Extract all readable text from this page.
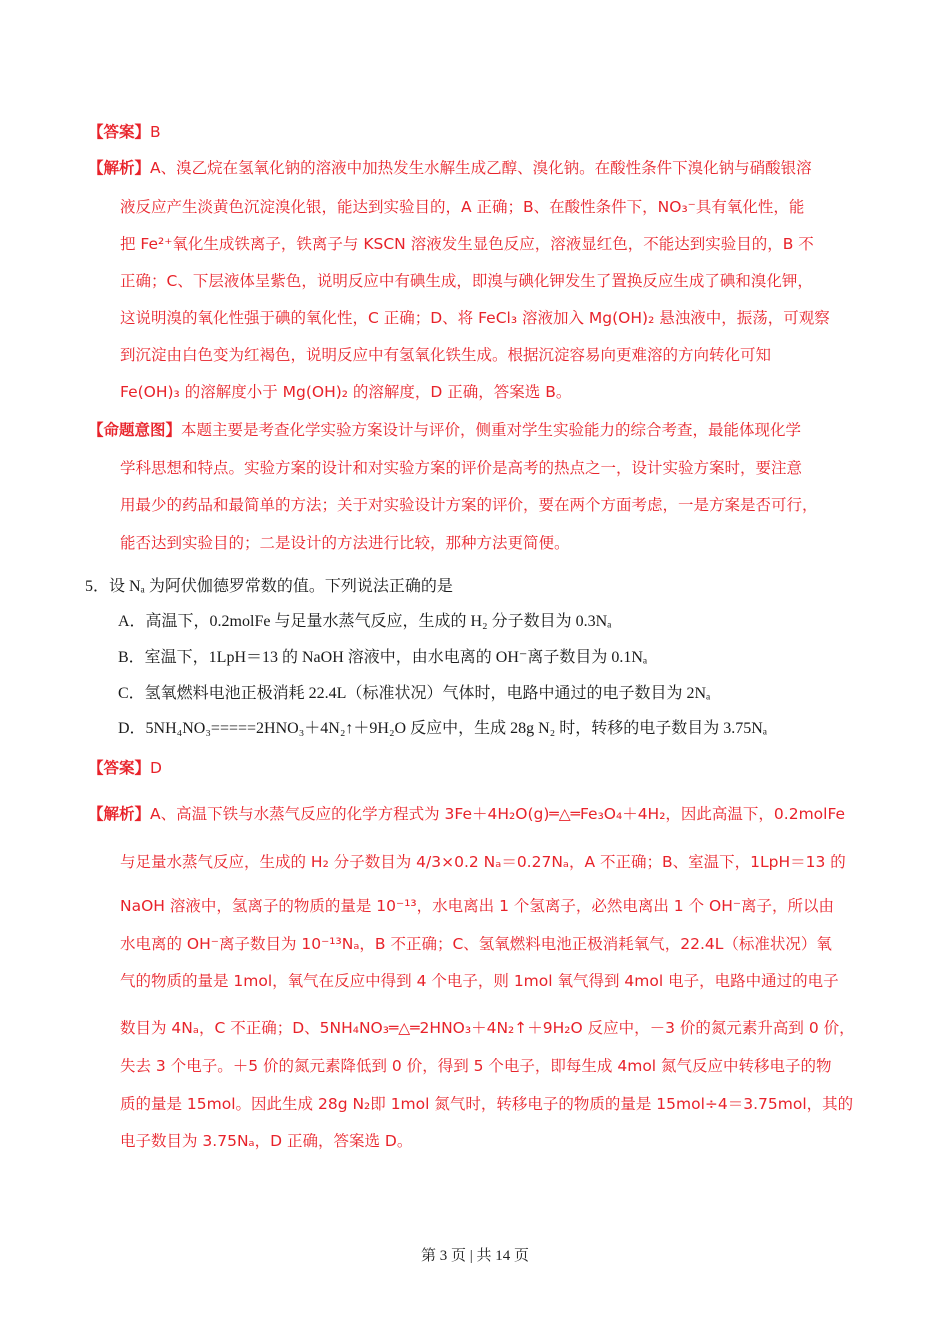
【答案】B
【解析】A、溴乙烷在氢氧化钠的溶液中加热发生水解生成乙醇、溴化钠。在酸性条件下溴化钠与硝酸银溶
液反应产生淡黄色沉淀溴化银，能达到实验目的，A 正确；B、在酸性条件下，NO₃⁻具有氧化性，能
把 Fe²⁺氧化生成铁离子，铁离子与 KSCN 溶液发生显色反应，溶液显红色，不能达到实验目的，B 不
正确；C、下层液体呈紫色，说明反应中有碘生成，即溴与碘化钾发生了置换反应生成了碘和溴化钾，
这说明溴的氧化性强于碘的氧化性，C 正确；D、将 FeCl₃ 溶液加入 Mg(OH)₂ 悬浊液中，振荡，可观察
到沉淀由白色变为红褐色，说明反应中有氢氧化铁生成。根据沉淀容易向更难溶的方向转化可知
Fe(OH)₃ 的溶解度小于 Mg(OH)₂ 的溶解度，D 正确，答案选 B。
【命题意图】本题主要是考查化学实验方案设计与评价，侧重对学生实验能力的综合考查，最能体现化学
学科思想和特点。实验方案的设计和对实验方案的评价是高考的热点之一，设计实验方案时，要注意
用最少的药品和最简单的方法；关于对实验设计方案的评价，要在两个方面考虑，一是方案是否可行，
能否达到实验目的；二是设计的方法进行比较，那种方法更简便。
5．设 Nₐ 为阿伏伽德罗常数的值。下列说法正确的是
A．高温下，0.2molFe 与足量水蒸气反应，生成的 H₂ 分子数目为 0.3Nₐ
B．室温下，1LpH＝13 的 NaOH 溶液中，由水电离的 OH⁻离子数目为 0.1Nₐ
C．氢氧燃料电池正极消耗 22.4L（标准状况）气体时，电路中通过的电子数目为 2Nₐ
D．5NH₄NO₃=====2HNO₃＋4N₂↑＋9H₂O 反应中，生成 28g N₂ 时，转移的电子数目为 3.75Nₐ
【答案】D
【解析】A、高温下铁与水蒸气反应的化学方程式为 3Fe＋4H₂O(g)═△═Fe₃O₄＋4H₂，因此高温下，0.2molFe
与足量水蒸气反应，生成的 H₂ 分子数目为 4/3×0.2 Nₐ＝0.27Nₐ，A 不正确；B、室温下，1LpH＝13 的
NaOH 溶液中，氢离子的物质的量是 10⁻¹³，水电离出 1 个氢离子，必然电离出 1 个 OH⁻离子，所以由
水电离的 OH⁻离子数目为 10⁻¹³Nₐ，B 不正确；C、氢氧燃料电池正极消耗氧气，22.4L（标准状况）氧
气的物质的量是 1mol，氧气在反应中得到 4 个电子，则 1mol 氧气得到 4mol 电子，电路中通过的电子
数目为 4Nₐ，C 不正确；D、5NH₄NO₃═△═2HNO₃＋4N₂↑＋9H₂O 反应中，－3 价的氮元素升高到 0 价，
失去 3 个电子。＋5 价的氮元素降低到 0 价，得到 5 个电子，即每生成 4mol 氮气反应中转移电子的物
质的量是 15mol。因此生成 28g N₂即 1mol 氮气时，转移电子的物质的量是 15mol÷4＝3.75mol，其的
电子数目为 3.75Nₐ，D 正确，答案选 D。
第 3 页 | 共 14 页
